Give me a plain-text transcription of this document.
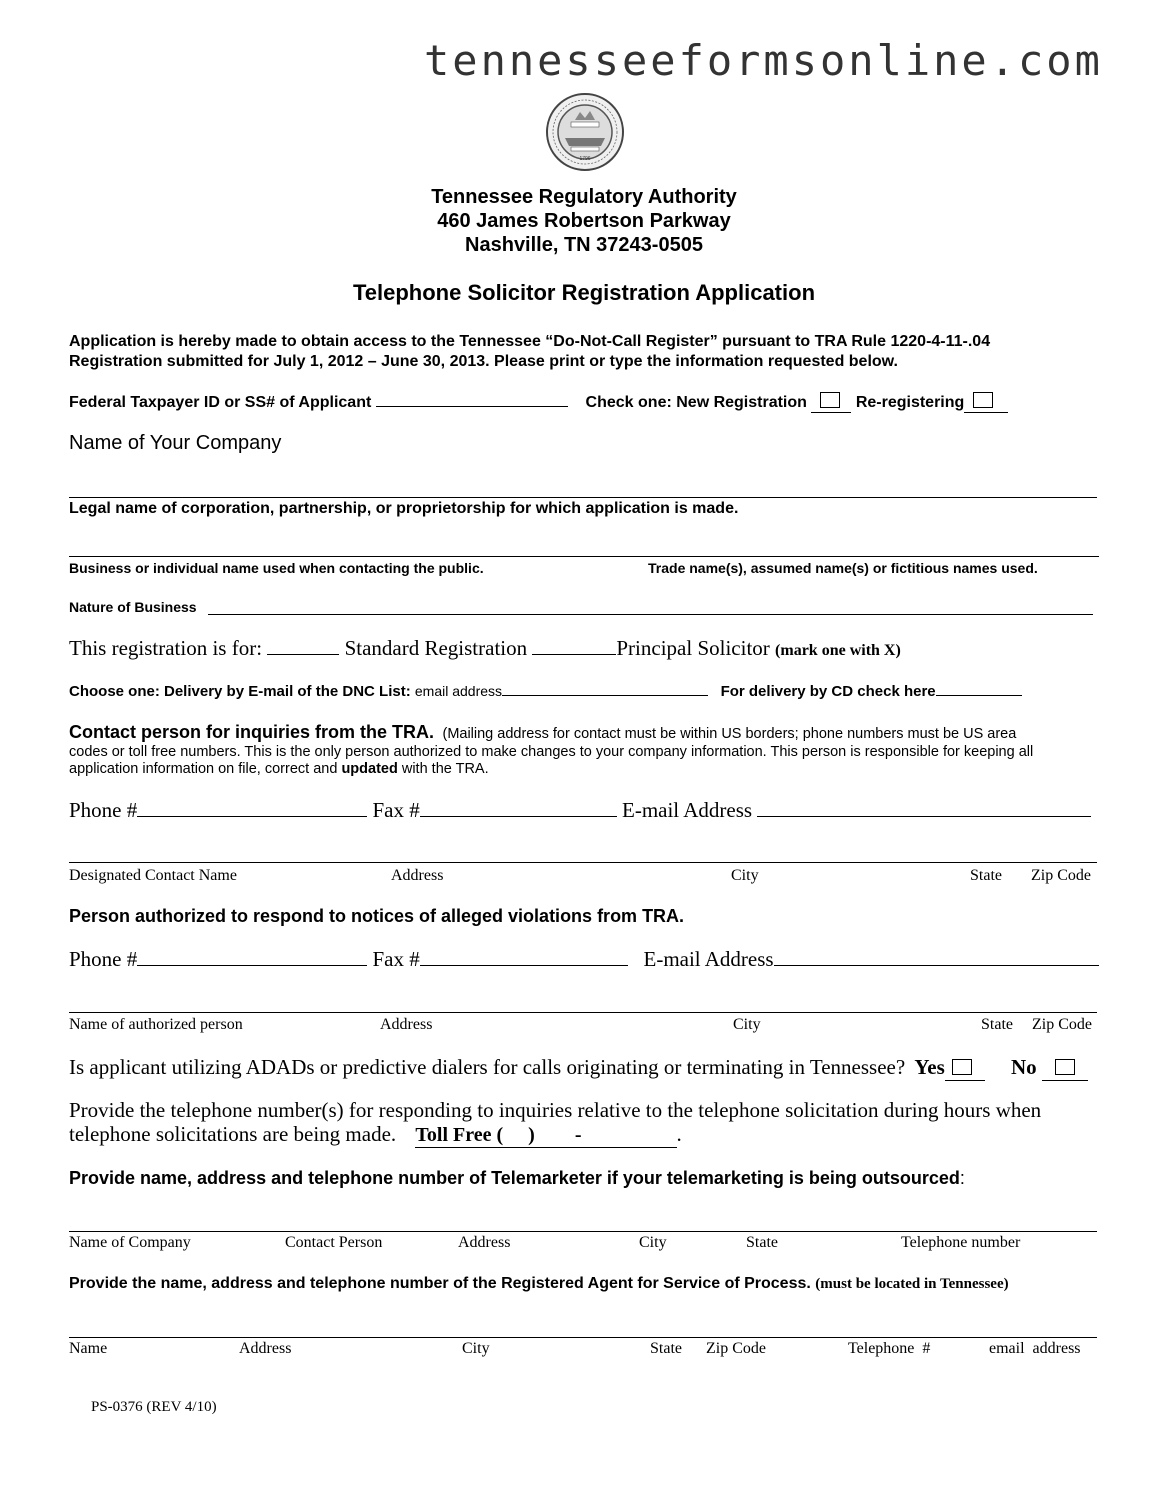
tennesseeformsonline.com
1796
Tennessee Regulatory Authority
460 James Robertson Parkway
Nashville, TN 37243-0505
Telephone Solicitor Registration Application
Application is hereby made to obtain access to the Tennessee “Do-Not-Call Register” pursuant to TRA Rule 1220-4-11-.04
Registration submitted for July 1, 2012 – June 30, 2013. Please print or type the information requested below.
Federal Taxpayer ID or SS# of Applicant	Check one: New Registration	Re-registering
Name of Your Company
Legal name of corporation, partnership, or proprietorship for which application is made.
Business or individual name used when contacting the public.	Trade name(s), assumed name(s) or fictitious names used.
Nature of Business
This registration is for:	Standard Registration	Principal Solicitor (mark one with X)
Choose one: Delivery by E-mail of the DNC List: email address	For delivery by CD check here
Contact person for inquiries from the TRA. (Mailing address for contact must be within US borders; phone numbers must be US area
codes or toll free numbers. This is the only person authorized to make changes to your company information. This person is responsible for keeping all
application information on file, correct and updated with the TRA.
Phone #	Fax #	E-mail Address
Designated Contact Name	Address	City	State Zip Code
Person authorized to respond to notices of alleged violations from TRA.
Phone #	Fax #	E-mail Address
Name of authorized person	Address	City	State Zip Code
Is applicant utilizing ADADs or predictive dialers for calls originating or terminating in Tennessee? Yes	No
Provide the telephone number(s) for responding to inquiries relative to the telephone solicitation during hours when
telephone solicitations are being made. Toll Free ( ) -	.
Provide name, address and telephone number of Telemarketer if your telemarketing is being outsourced:
Name of Company	Contact Person	Address	City	State	Telephone number
Provide the name, address and telephone number of the Registered Agent for Service of Process. (must be located in Tennessee)
Name	Address	City	State Zip Code	Telephone  #	email  address
PS-0376 (REV 4/10)
